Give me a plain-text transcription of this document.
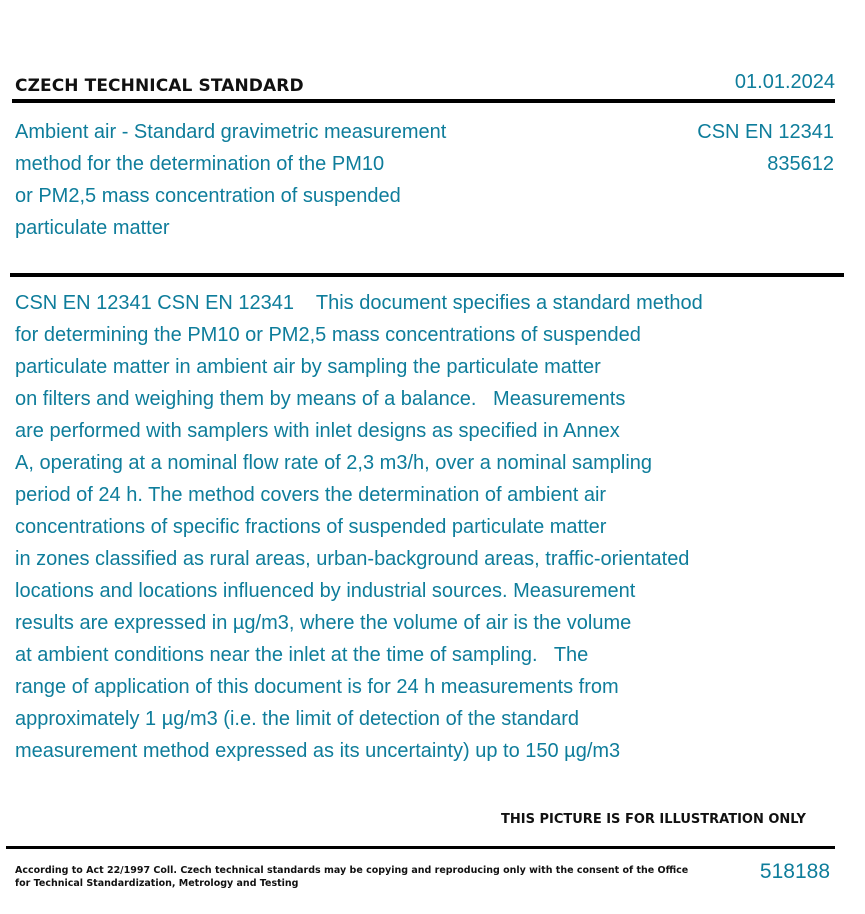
CZECH TECHNICAL STANDARD	01.01.2024
Ambient air - Standard gravimetric measurement
method for the determination of the PM10
or PM2,5 mass concentration of suspended
particulate matter
CSN EN 12341
835612
CSN EN 12341 CSN EN 12341    This document specifies a standard method
for determining the PM10 or PM2,5 mass concentrations of suspended
particulate matter in ambient air by sampling the particulate matter
on filters and weighing them by means of a balance.   Measurements
are performed with samplers with inlet designs as specified in Annex
A, operating at a nominal flow rate of 2,3 m3/h, over a nominal sampling
period of 24 h. The method covers the determination of ambient air
concentrations of specific fractions of suspended particulate matter
in zones classified as rural areas, urban-background areas, traffic-orientated
locations and locations influenced by industrial sources. Measurement
results are expressed in µg/m3, where the volume of air is the volume
at ambient conditions near the inlet at the time of sampling.   The
range of application of this document is for 24 h measurements from
approximately 1 µg/m3 (i.e. the limit of detection of the standard
measurement method expressed as its uncertainty) up to 150 µg/m3
THIS PICTURE IS FOR ILLUSTRATION ONLY
According to Act 22/1997 Coll. Czech technical standards may be copying and reproducing only with the consent of the Office
for Technical Standardization, Metrology and Testing
518188
